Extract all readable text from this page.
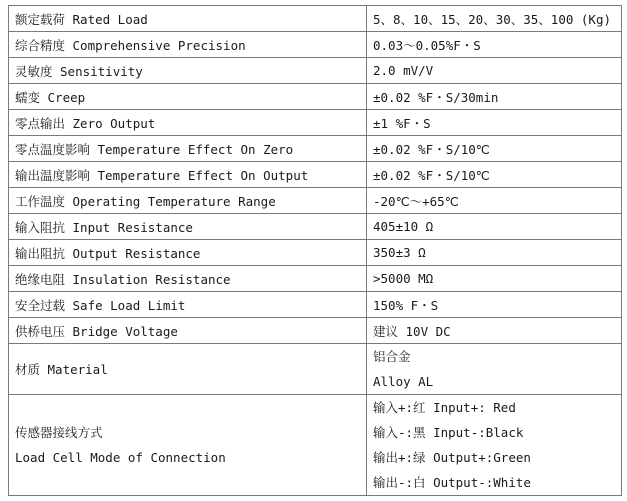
额定载荷 Rated Load	5、8、10、15、20、30、35、100 (Kg)
综合精度 Comprehensive Precision	0.03～0.05%F・S
灵敏度 Sensitivity	2.0 mV/V
蠕变 Creep	±0.02 %F・S/30min
零点输出 Zero Output	±1 %F・S
零点温度影响 Temperature Effect On Zero	±0.02 %F・S/10℃
输出温度影响 Temperature Effect On Output	±0.02 %F・S/10℃
工作温度 Operating Temperature Range	-20℃～+65℃
输入阻抗 Input Resistance	405±10 Ω
输出阻抗 Output Resistance	350±3 Ω
绝缘电阻 Insulation Resistance	>5000 MΩ
安全过载 Safe Load Limit	150% F・S
供桥电压 Bridge Voltage	建议 10V DC
材质 Material	铝合金
Alloy AL

传感器接线方式
Load Cell Mode of Connection	输入+:红 Input+: Red
输入-:黑 Input-:Black
输出+:绿 Output+:Green
输出-:白 Output-:White
